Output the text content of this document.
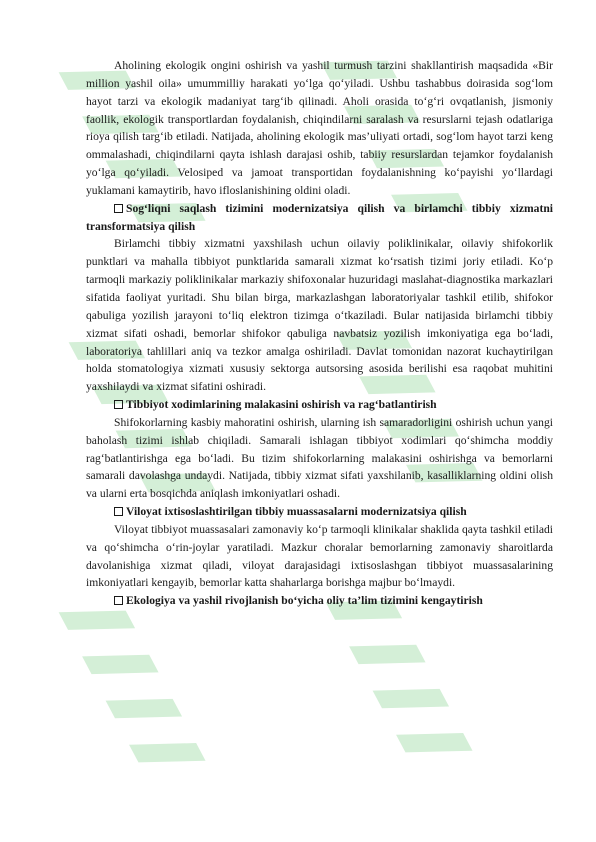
Aholining ekologik ongini oshirish va yashil turmush tarzini shakllantirish maqsadida «Bir million yashil oila» umummilliy harakati yo‘lga qo‘yiladi. Ushbu tashabbus doirasida sog‘lom hayot tarzi va ekologik madaniyat targ‘ib qilinadi. Aholi orasida to‘g‘ri ovqatlanish, jismoniy faollik, ekologik transportlardan foydalanish, chiqindilarni saralash va resurslarni tejash odatlariga rioya qilish targ‘ib etiladi. Natijada, aholining ekologik mas’uliyati ortadi, sog‘lom hayot tarzi keng ommalashadi, chiqindilarni qayta ishlash darajasi oshib, tabiiy resurslardan tejamkor foydalanish yo‘lga qo‘yiladi. Velosiped va jamoat transportidan foydalanishning ko‘payishi yo‘llardagi yuklamani kamaytirib, havo ifloslanishining oldini oladi.

Sog‘liqni saqlash tizimini modernizatsiya qilish va birlamchi tibbiy xizmatni transformatsiya qilish

Birlamchi tibbiy xizmatni yaxshilash uchun oilaviy poliklinikalar, oilaviy shifokorlik punktlari va mahalla tibbiyot punktlarida samarali xizmat ko‘rsatish tizimi joriy etiladi. Ko‘p tarmoqli markaziy poliklinikalar markaziy shifoxonalar huzuridagi maslahat-diagnostika markazlari sifatida faoliyat yuritadi. Shu bilan birga, markazlashgan laboratoriyalar tashkil etilib, shifokor qabuliga yozilish jarayoni to‘liq elektron tizimga o‘tkaziladi. Bular natijasida birlamchi tibbiy xizmat sifati oshadi, bemorlar shifokor qabuliga navbatsiz yozilish imkoniyatiga ega bo‘ladi, laboratoriya tahlillari aniq va tezkor amalga oshiriladi. Davlat tomonidan nazorat kuchaytirilgan holda stomatologiya xizmati xususiy sektorga autsorsing asosida berilishi esa raqobat muhitini yaxshilaydi va xizmat sifatini oshiradi.

Tibbiyot xodimlarining malakasini oshirish va rag‘batlantirish

Shifokorlarning kasbiy mahoratini oshirish, ularning ish samaradorligini oshirish uchun yangi baholash tizimi ishlab chiqiladi. Samarali ishlagan tibbiyot xodimlari qo‘shimcha moddiy rag‘batlantirishga ega bo‘ladi. Bu tizim shifokorlarning malakasini oshirishga va bemorlarni samarali davolashga undaydi. Natijada, tibbiy xizmat sifati yaxshilanib, kasalliklarning oldini olish va ularni erta bosqichda aniqlash imkoniyatlari oshadi.

Viloyat ixtisoslashtirilgan tibbiy muassasalarni modernizatsiya qilish

Viloyat tibbiyot muassasalari zamonaviy ko‘p tarmoqli klinikalar shaklida qayta tashkil etiladi va qo‘shimcha o‘rin-joylar yaratiladi. Mazkur choralar bemorlarning zamonaviy sharoitlarda davolanishiga xizmat qiladi, viloyat darajasidagi ixtisoslashgan tibbiyot muassasalarining imkoniyatlari kengayib, bemorlar katta shaharlarga borishga majbur bo‘lmaydi.

Ekologiya va yashil rivojlanish bo‘yicha oliy ta’lim tizimini kengaytirish
